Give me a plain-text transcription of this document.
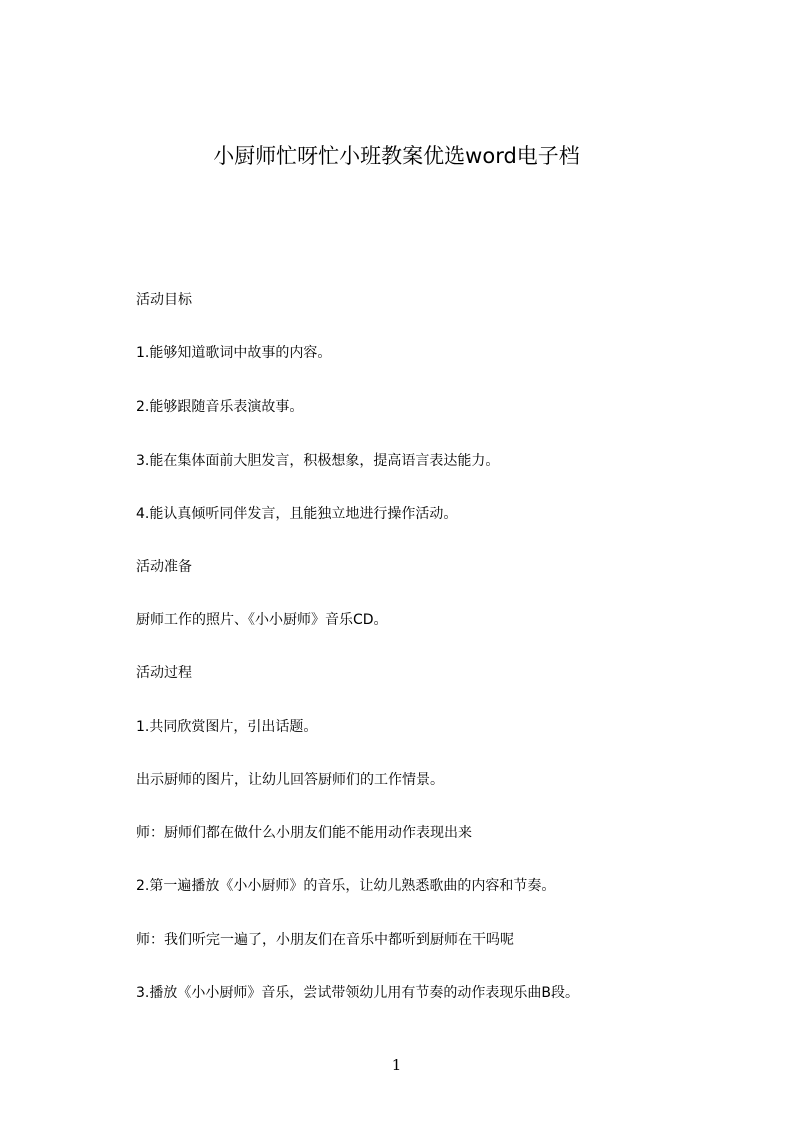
小厨师忙呀忙小班教案优选word电子档

活动目标

1.能够知道歌词中故事的内容。

2.能够跟随音乐表演故事。

3.能在集体面前大胆发言，积极想象，提高语言表达能力。

4.能认真倾听同伴发言，且能独立地进行操作活动。

活动准备

厨师工作的照片、《小小厨师》音乐CD。

活动过程

1.共同欣赏图片，引出话题。

出示厨师的图片，让幼儿回答厨师们的工作情景。

师：厨师们都在做什么小朋友们能不能用动作表现出来

2.第一遍播放《小小厨师》的音乐，让幼儿熟悉歌曲的内容和节奏。

师：我们听完一遍了，小朋友们在音乐中都听到厨师在干吗呢

3.播放《小小厨师》音乐，尝试带领幼儿用有节奏的动作表现乐曲B段。

1
